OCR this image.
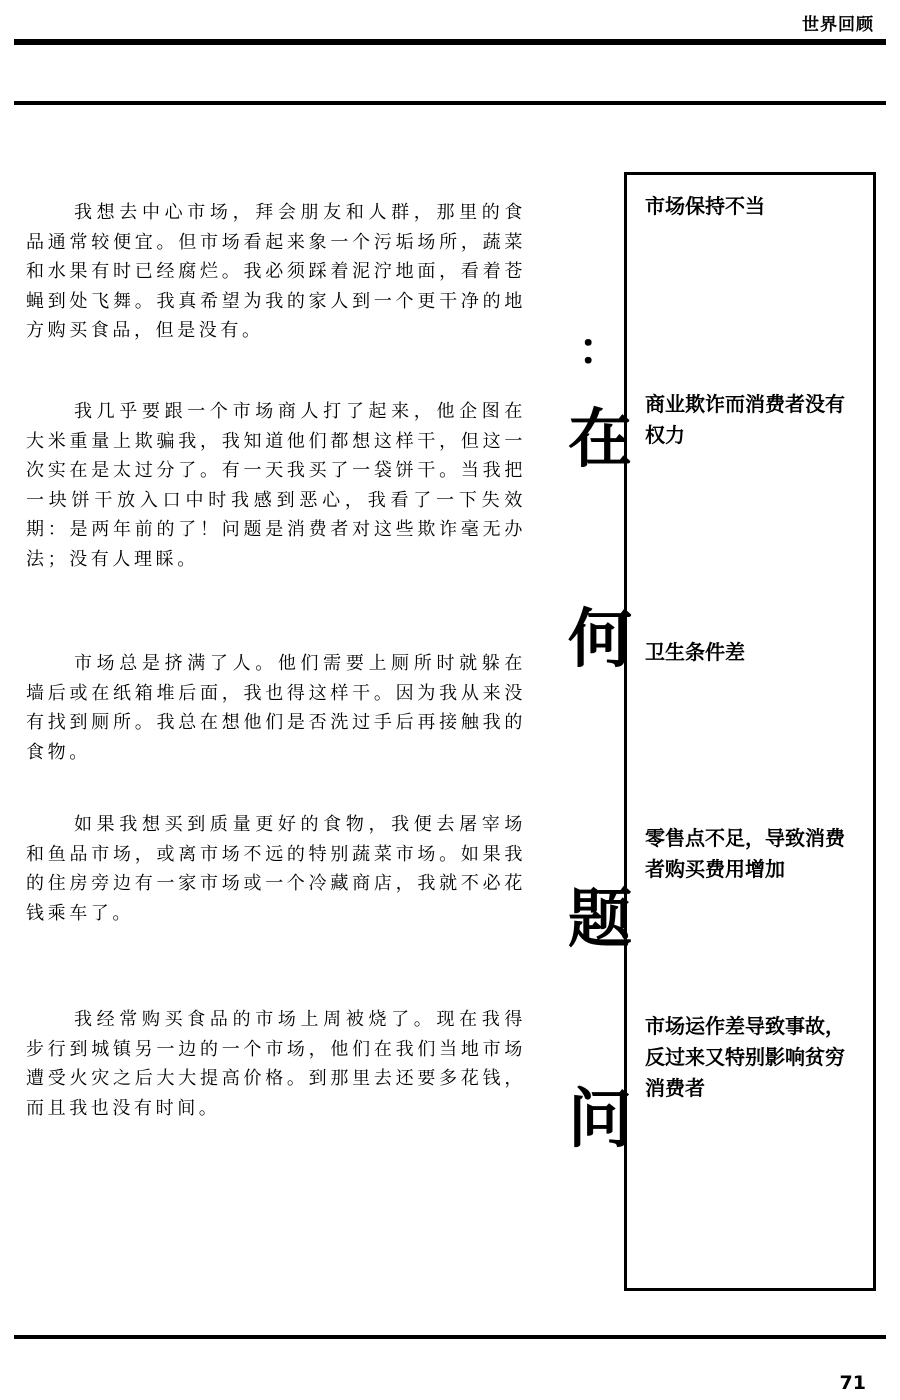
世界回顾

我想去中心市场，拜会朋友和人群，那里的食品通常较便宜。但市场看起来象一个污垢场所，蔬菜和水果有时已经腐烂。我必须踩着泥泞地面，看着苍蝇到处飞舞。我真希望为我的家人到一个更干净的地方购买食品，但是没有。

我几乎要跟一个市场商人打了起来，他企图在大米重量上欺骗我，我知道他们都想这样干，但这一次实在是太过分了。有一天我买了一袋饼干。当我把一块饼干放入口中时我感到恶心，我看了一下失效期：是两年前的了！问题是消费者对这些欺诈毫无办法；没有人理睬。

市场总是挤满了人。他们需要上厕所时就躲在墙后或在纸箱堆后面，我也得这样干。因为我从来没有找到厕所。我总在想他们是否洗过手后再接触我的食物。

如果我想买到质量更好的食物，我便去屠宰场和鱼品市场，或离市场不远的特别蔬菜市场。如果我的住房旁边有一家市场或一个冷藏商店，我就不必花钱乘车了。

我经常购买食品的市场上周被烧了。现在我得步行到城镇另一边的一个市场，他们在我们当地市场遭受火灾之后大大提高价格。到那里去还要多花钱，而且我也没有时间。	问
题
何
在
：
市场保持不当
商业欺诈而消费者没有权力
卫生条件差
零售点不足，导致消费者购买费用增加
市场运作差导致事故，反过来又特别影响贫穷消费者
71
